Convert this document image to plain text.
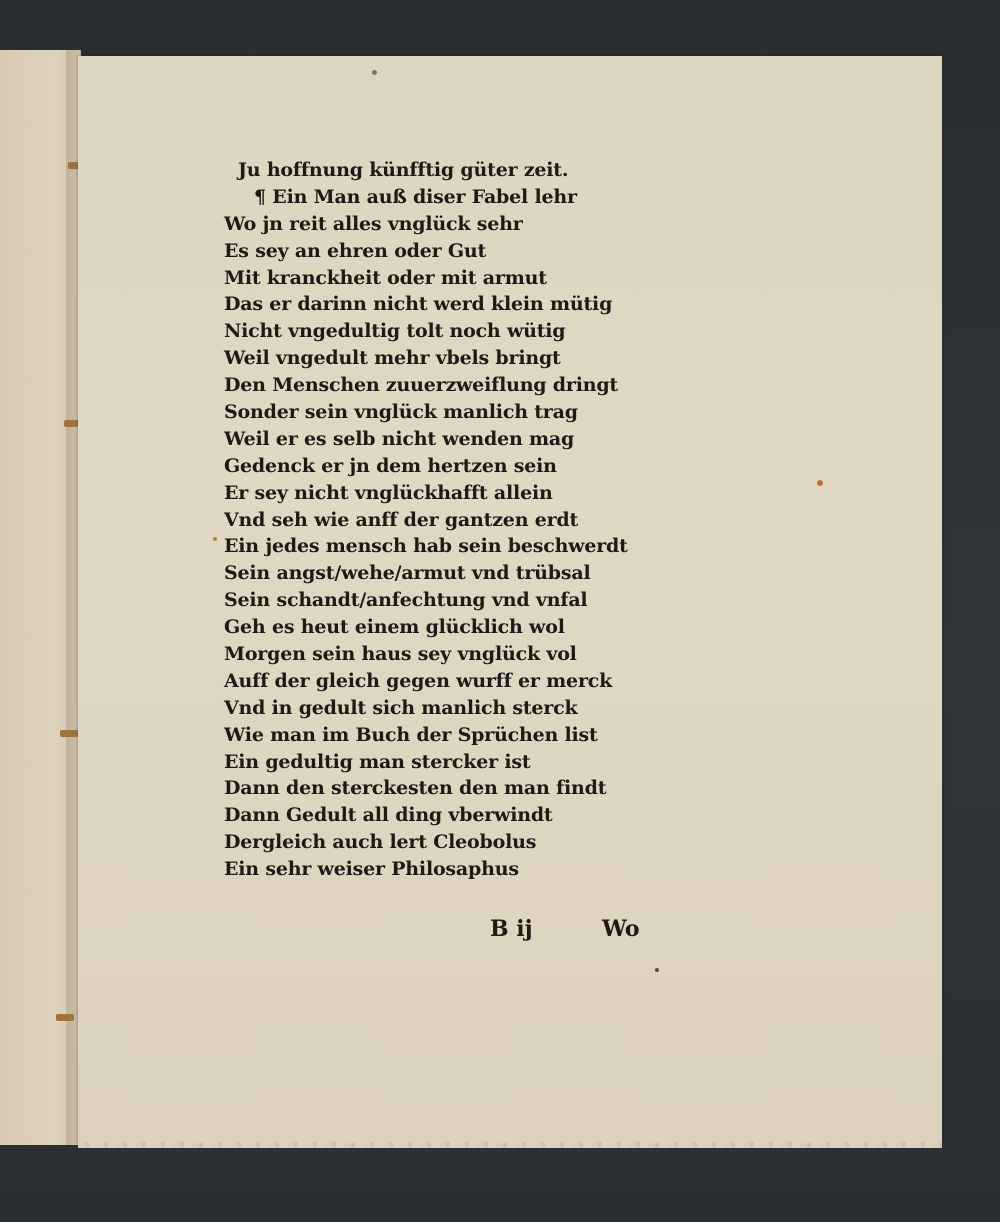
Ju hoffnung künfftig güter zeit.
¶ Ein Man auß diser Fabel lehr
Wo jn reit alles vnglück sehr
Es sey an ehren oder Gut
Mit kranckheit oder mit armut
Das er darinn nicht werd klein mütig
Nicht vngedultig tolt noch wütig
Weil vngedult mehr vbels bringt
Den Menschen zuuerzweiflung dringt
Sonder sein vnglück manlich trag
Weil er es selb nicht wenden mag
Gedenck er jn dem hertzen sein
Er sey nicht vnglückhafft allein
Vnd seh wie anff der gantzen erdt
Ein jedes mensch hab sein beschwerdt
Sein angst/wehe/armut vnd trübsal
Sein schandt/anfechtung vnd vnfal
Geh es heut einem glücklich wol
Morgen sein haus sey vnglück vol
Auff der gleich gegen wurff er merck
Vnd in gedult sich manlich sterck
Wie man im Buch der Sprüchen list
Ein gedultig man stercker ist
Dann den sterckesten den man findt
Dann Gedult all ding vberwindt
Dergleich auch lert Cleobolus
Ein sehr weiser Philosaphus
B ij	Wo
